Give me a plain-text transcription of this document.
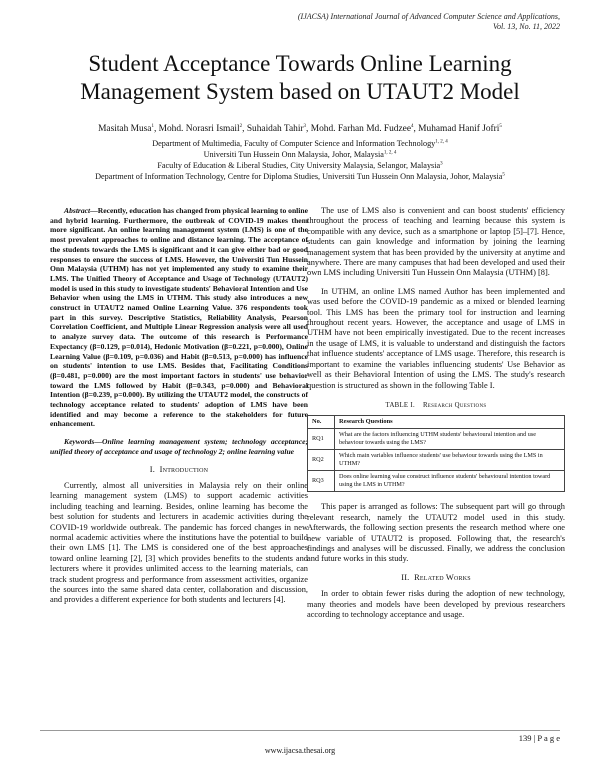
(IJACSA) International Journal of Advanced Computer Science and Applications,
Vol. 13, No. 11, 2022
Student Acceptance Towards Online Learning
Management System based on UTAUT2 Model
Masitah Musa$^1$, Mohd. Norasri Ismail$^2$, Suhaidah Tahir$^3$, Mohd. Farhan Md. Fudzee$^4$, Muhamad Hanif Jofri$^5$
Department of Multimedia, Faculty of Computer Science and Information Technology$^{1, 2, 4}$
Universiti Tun Hussein Onn Malaysia, Johor, Malaysia$^{1, 2, 4}$
Faculty of Education & Liberal Studies, City University Malaysia, Selangor, Malaysia$^3$
Department of Information Technology, Centre for Diploma Studies, Universiti Tun Hussein Onn Malaysia, Johor, Malaysia$^5$

Abstract—Recently, education has changed from physical learning to online and hybrid learning. Furthermore, the outbreak of COVID-19 makes them more significant. An online learning management system (LMS) is one of the most prevalent approaches to online and distance learning. The acceptance of the students towards the LMS is significant and it can give either bad or good responses to ensure the success of LMS. However, the Universiti Tun Hussein Onn Malaysia (UTHM) has not yet implemented any study to examine their LMS. The Unified Theory of Acceptance and Usage of Technology (UTAUT2) model is used in this study to investigate students' Behavioral Intention and Use Behavior when using the LMS in UTHM. This study also introduces a new construct in UTAUT2 named Online Learning Value. 376 respondents took part in this survey. Descriptive Statistics, Reliability Analysis, Pearson Correlation Coefficient, and Multiple Linear Regression analysis were all used to analyze survey data. The outcome of this research is Performance Expectancy (β=0.129, p=0.014), Hedonic Motivation (β=0.221, p=0.000), Online Learning Value (β=0.109, p=0.036) and Habit (β=0.513, p=0.000) has influence on students' intention to use LMS. Besides that, Facilitating Conditions (β=0.481, p=0.000) are the most important factors in students' use behavior toward the LMS followed by Habit (β=0.343, p=0.000) and Behavioral Intention (β=0.239, p=0.000). By utilizing the UTAUT2 model, the constructs of technology acceptance related to students' adoption of LMS have been identified and may become a reference to the stakeholders for future enhancement.

Keywords—Online learning management system; technology acceptance; unified theory of acceptance and usage of technology 2; online learning value

I. Introduction

Currently, almost all universities in Malaysia rely on their online learning management system (LMS) to support academic activities including teaching and learning. Besides, online learning has become the best solution for students and lecturers in academic activities during the COVID-19 worldwide outbreak. The pandemic has forced changes in new normal academic activities where the institutions have the potential to build their own LMS [1]. The LMS is considered one of the best approaches toward online learning [2], [3] which provides benefits to the students and lecturers where it provides unlimited access to the learning materials, can track student progress and performance from assessment activities, organize the sources into the same shared data center, collaboration and discussion, and provides a different experience for both students and lecturers [4].

The use of LMS also is convenient and can boost students' efficiency throughout the process of teaching and learning because this system is compatible with any device, such as a smartphone or laptop [5]–[7]. Hence, students can gain knowledge and information by joining the learning management system that has been provided by the university at anytime and anywhere. There are many campuses that had been developed and used their own LMS including Universiti Tun Hussein Onn Malaysia (UTHM) [8].

In UTHM, an online LMS named Author has been implemented and was used before the COVID-19 pandemic as a mixed or blended learning tool. This LMS has been the primary tool for instruction and learning throughout recent years. However, the acceptance and usage of LMS in UTHM have not been empirically investigated. Due to the recent increases in the usage of LMS, it is valuable to understand and distinguish the factors that influence students' acceptance of LMS usage. Therefore, this research is important to examine the variables influencing students' Use Behavior as well as their Behavioral Intention of using the LMS. The study's research question is structured as shown in the following Table I.

TABLE I. Research Questions
No.	Research Questions
RQ1	What are the factors influencing UTHM students' behavioural intention and use behaviour towards using the LMS?
RQ2	Which main variables influence students' use behaviour towards using the LMS in UTHM?
RQ3	Does online learning value construct influence students' behavioural intention toward using the LMS in UTHM?

This paper is arranged as follows: The subsequent part will go through relevant research, namely the UTAUT2 model used in this study. Afterwards, the following section presents the research method where one new variable of UTAUT2 is proposed. Following that, the research's findings and analyses will be discussed. Finally, we address the conclusion and future works in this study.

II. Related Works

In order to obtain fewer risks during the adoption of new technology, many theories and models have been developed by previous researchers according to technology acceptance and usage.

139 | P a g e
www.ijacsa.thesai.org
